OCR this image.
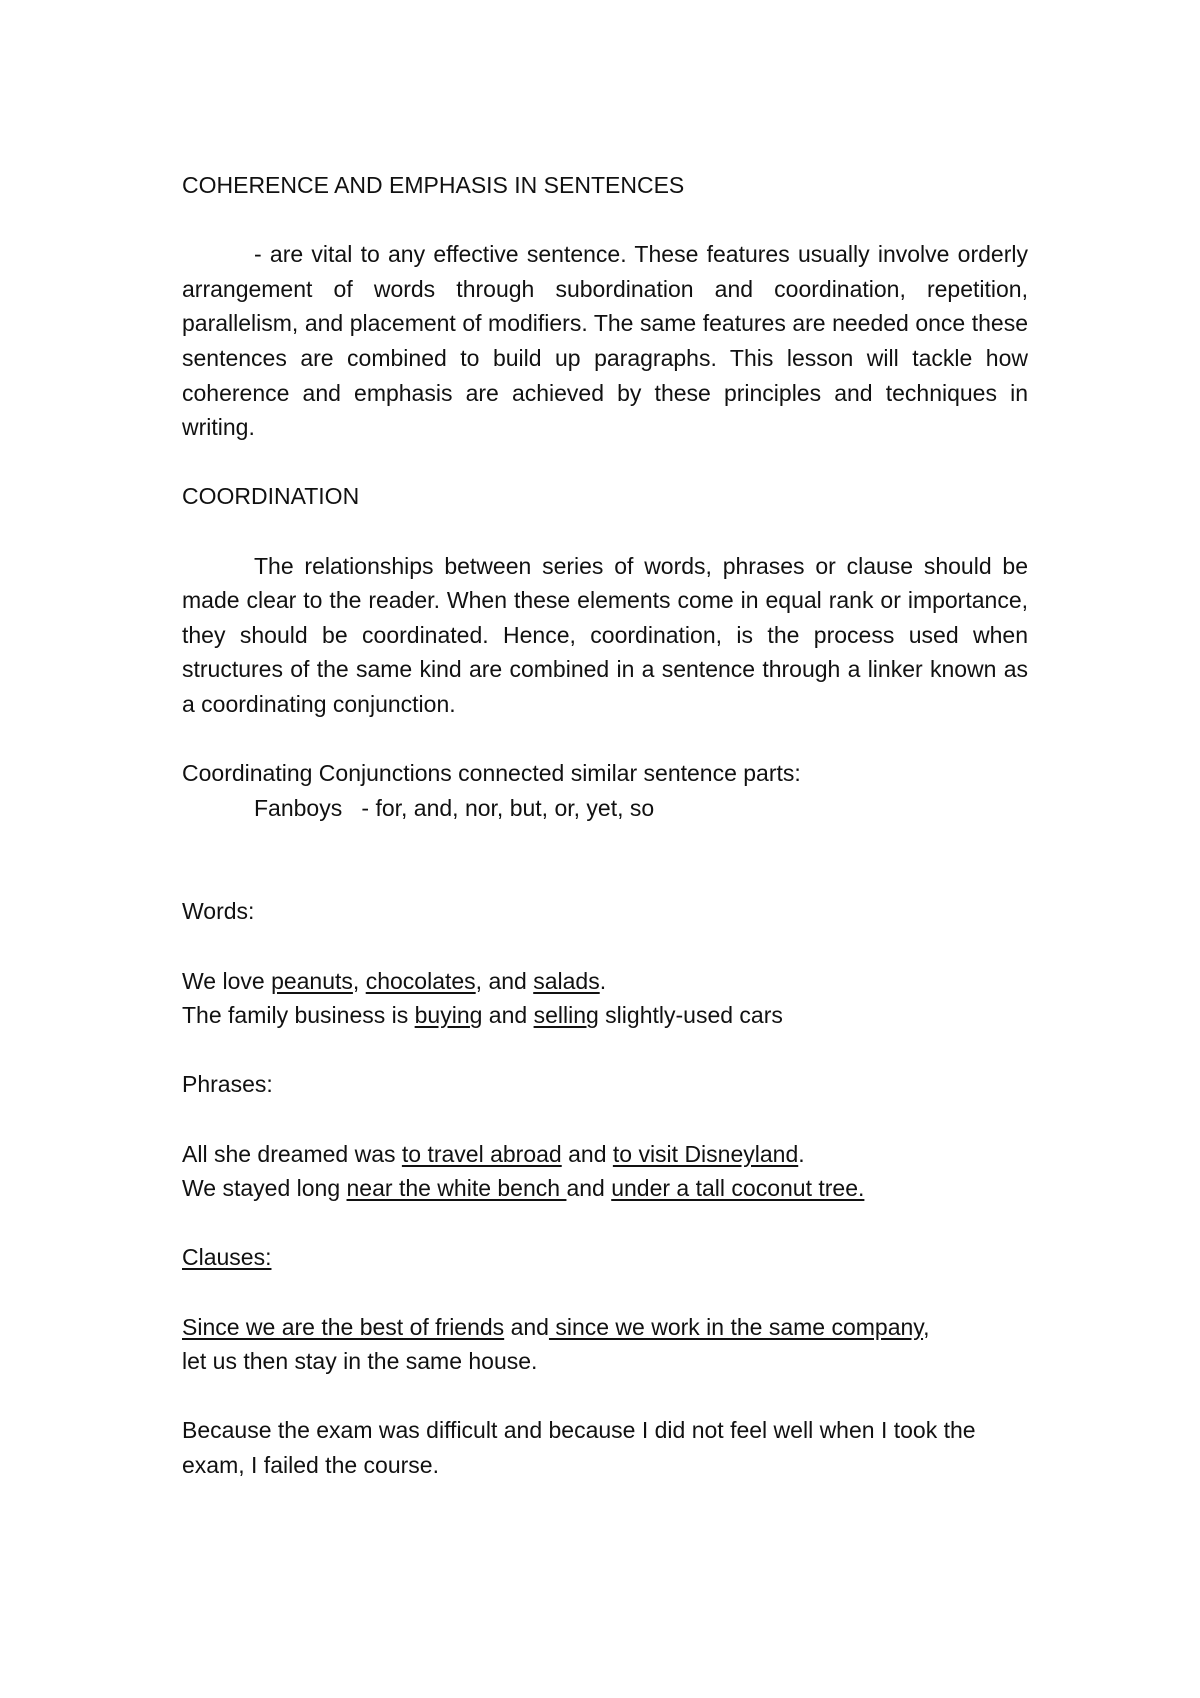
COHERENCE AND EMPHASIS IN SENTENCES

- are vital to any effective sentence. These features usually involve orderly arrangement of words through subordination and coordination, repetition, parallelism, and placement of modifiers. The same features are needed once these sentences are combined to build up paragraphs. This lesson will tackle how coherence and emphasis are achieved by these principles and techniques in writing.

COORDINATION

The relationships between series of words, phrases or clause should be made clear to the reader. When these elements come in equal rank or importance, they should be coordinated. Hence, coordination, is the process used when structures of the same kind are combined in a sentence through a linker known as a coordinating conjunction.

Coordinating Conjunctions connected similar sentence parts:

Fanboys - for, and, nor, but, or, yet, so

Words:

We love peanuts, chocolates, and salads.

The family business is buying and selling slightly-used cars

Phrases:

All she dreamed was to travel abroad and to visit Disneyland.

We stayed long near the white bench and under a tall coconut tree.

Clauses:

Since we are the best of friends and since we work in the same company,
let us then stay in the same house.

Because the exam was difficult and because I did not feel well when I took the exam, I failed the course.
